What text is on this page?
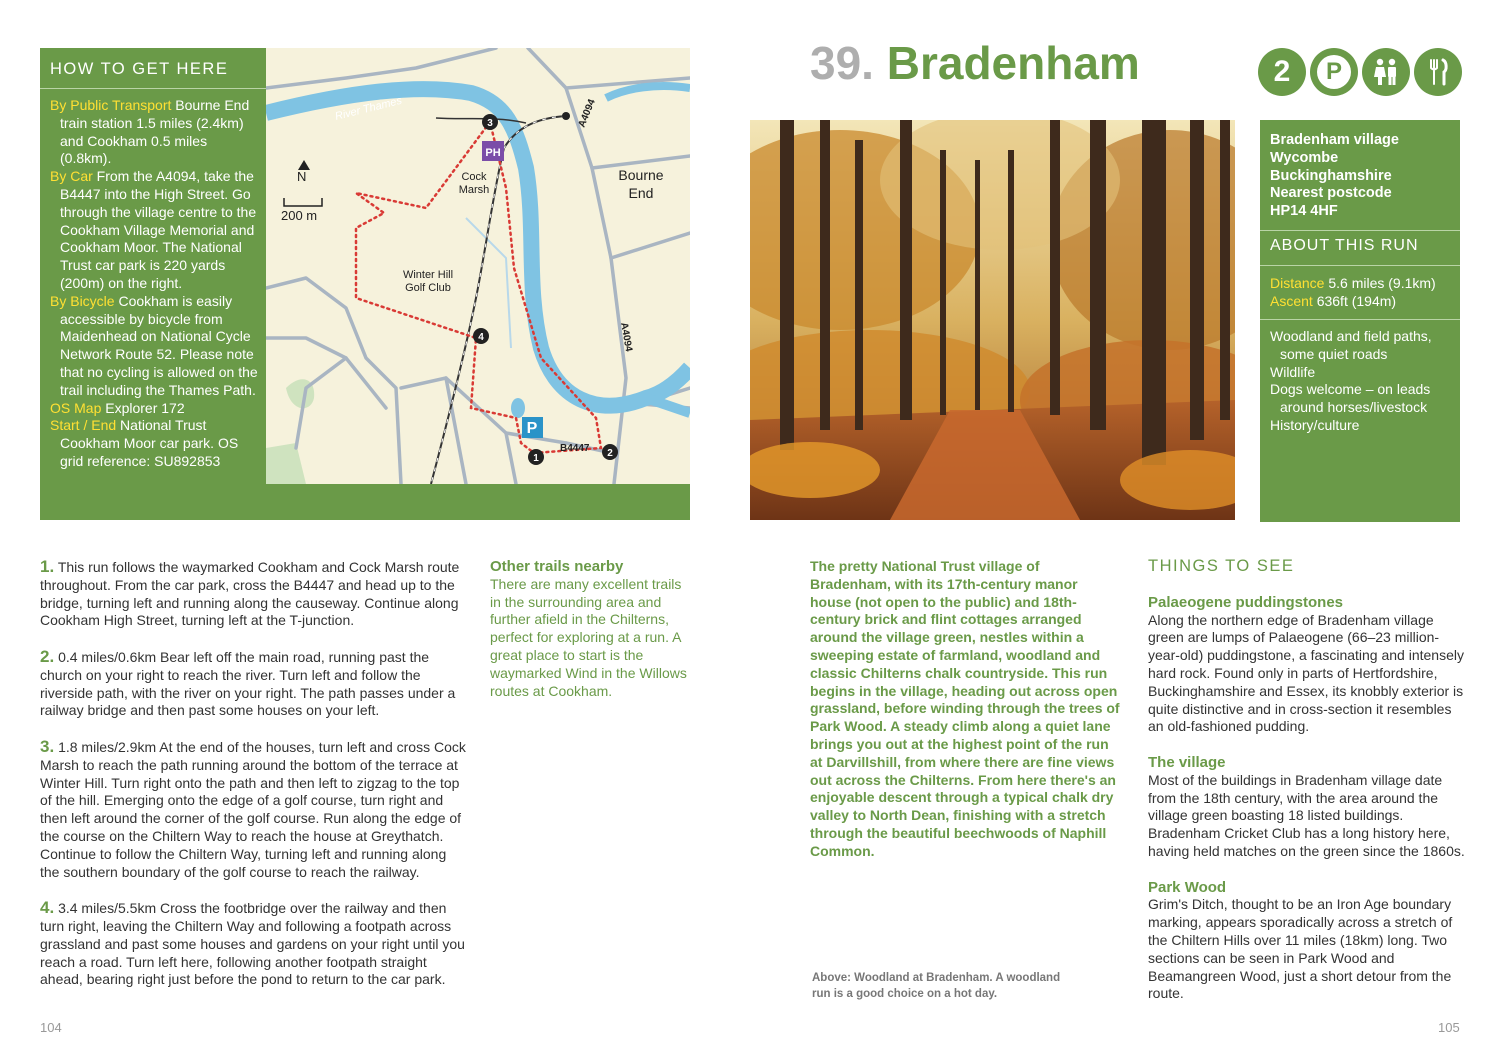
HOW TO GET HERE

By Public Transport Bourne End train station 1.5 miles (2.4km) and Cookham 0.5 miles (0.8km).

By Car From the A4094, take the B4447 into the High Street. Go through the village centre to the Cookham Village Memorial and Cookham Moor. The National Trust car park is 220 yards (200m) on the right.

By Bicycle Cookham is easily accessible by bicycle from Maidenhead on National Cycle Network Route 52. Please note that no cycling is allowed on the trail including the Thames Path.

OS Map Explorer 172

Start / End National Trust Cookham Moor car park. OS grid reference: SU892853

River Thames
N
200 m
PH
Cock
Marsh
Bourne
End
Winter Hill
Golf Club
A4094
A4094
B4447
P
1	2
3
4
39. Bradenham	2	P
Bradenham village
Wycombe
Buckinghamshire
Nearest postcode
HP14 4HF
ABOUT THIS RUN
Distance 5.6 miles (9.1km)
Ascent 636ft (194m)

Woodland and field paths, some quiet roads

Wildlife

Dogs welcome – on leads around horses/livestock

History/culture

1. This run follows the waymarked Cookham and Cock Marsh route throughout. From the car park, cross the B4447 and head up to the bridge, turning left and running along the causeway. Continue along Cookham High Street, turning left at the T-junction.

2. 0.4 miles/0.6km Bear left off the main road, running past the church on your right to reach the river. Turn left and follow the riverside path, with the river on your right. The path passes under a railway bridge and then past some houses on your left.

3. 1.8 miles/2.9km At the end of the houses, turn left and cross Cock Marsh to reach the path running around the bottom of the terrace at Winter Hill. Turn right onto the path and then left to zigzag to the top of the hill. Emerging onto the edge of a golf course, turn right and then left around the corner of the golf course. Run along the edge of the course on the Chiltern Way to reach the house at Greythatch. Continue to follow the Chiltern Way, turning left and running along the southern boundary of the golf course to reach the railway.

4. 3.4 miles/5.5km Cross the footbridge over the railway and then turn right, leaving the Chiltern Way and following a footpath across grassland and past some houses and gardens on your right until you reach a road. Turn left here, following another footpath straight ahead, bearing right just before the pond to return to the car park.

Other trails nearby
There are many excellent trails in the surrounding area and further afield in the Chilterns, perfect for exploring at a run. A great place to start is the waymarked Wind in the Willows routes at Cookham.
The pretty National Trust village of Bradenham, with its 17th-century manor house (not open to the public) and 18th-century brick and flint cottages arranged around the village green, nestles within a sweeping estate of farmland, woodland and classic Chilterns chalk countryside. This run begins in the village, heading out across open grassland, before winding through the trees of Park Wood. A steady climb along a quiet lane brings you out at the highest point of the run at Darvillshill, from where there are fine views out across the Chilterns. From here there's an enjoyable descent through a typical chalk dry valley to North Dean, finishing with a stretch through the beautiful beechwoods of Naphill Common.
Above: Woodland at Bradenham. A woodland run is a good choice on a hot day.
THINGS TO SEE
Palaeogene puddingstones

Along the northern edge of Bradenham village green are lumps of Palaeogene (66–23 million-year-old) puddingstone, a fascinating and intensely hard rock. Found only in parts of Hertfordshire, Buckinghamshire and Essex, its knobbly exterior is quite distinctive and in cross-section it resembles an old-fashioned pudding.

The village

Most of the buildings in Bradenham village date from the 18th century, with the area around the village green boasting 18 listed buildings. Bradenham Cricket Club has a long history here, having held matches on the green since the 1860s.

Park Wood

Grim's Ditch, thought to be an Iron Age boundary marking, appears sporadically across a stretch of the Chiltern Hills over 11 miles (18km) long. Two sections can be seen in Park Wood and Beamangreen Wood, just a short detour from the route.

104	105
